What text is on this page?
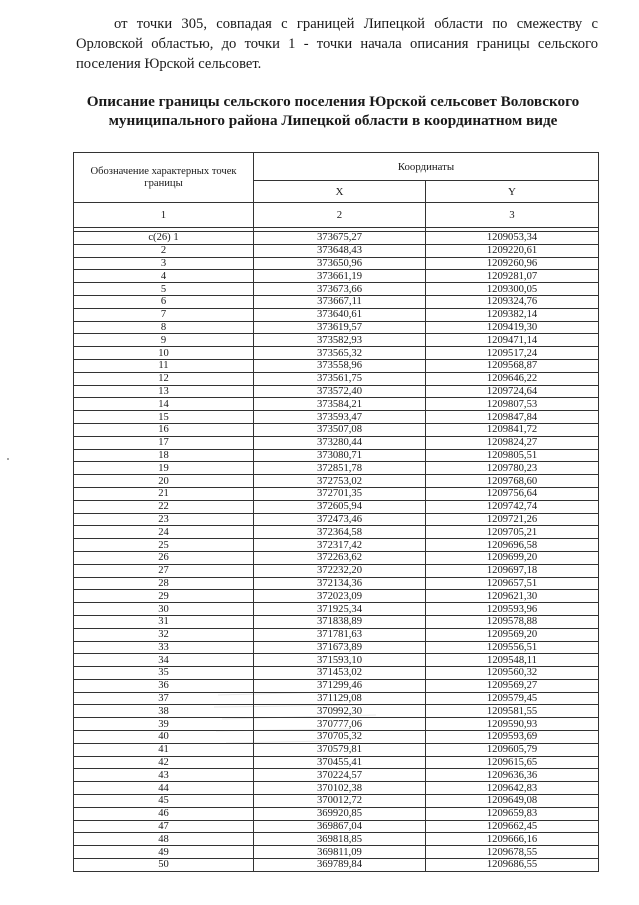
от точки 305, совпадая с границей Липецкой области по смежеству с Орловской областью, до точки 1 - точки начала описания границы сельского поселения Юрской сельсовет.
Описание границы сельского поселения Юрской сельсовет Воловского
муниципального района Липецкой области в координатном виде
Обозначение характерных точек границы	Координаты	
	X	Y
1	2	3

с(26) 1	373675,27	1209053,34
2	373648,43	1209220,61
3	373650,96	1209260,96
4	373661,19	1209281,07
5	373673,66	1209300,05
6	373667,11	1209324,76
7	373640,61	1209382,14
8	373619,57	1209419,30
9	373582,93	1209471,14
10	373565,32	1209517,24
11	373558,96	1209568,87
12	373561,75	1209646,22
13	373572,40	1209724,64
14	373584,21	1209807,53
15	373593,47	1209847,84
16	373507,08	1209841,72
17	373280,44	1209824,27
18	373080,71	1209805,51
19	372851,78	1209780,23
20	372753,02	1209768,60
21	372701,35	1209756,64
22	372605,94	1209742,74
23	372473,46	1209721,26
24	372364,58	1209705,21
25	372317,42	1209696,58
26	372263,62	1209699,20
27	372232,20	1209697,18
28	372134,36	1209657,51
29	372023,09	1209621,30
30	371925,34	1209593,96
31	371838,89	1209578,88
32	371781,63	1209569,20
33	371673,89	1209556,51
34	371593,10	1209548,11
35	371453,02	1209560,32
36	371299,46	1209569,27
37	371129,08	1209579,45
38	370992,30	1209581,55
39	370777,06	1209590,93
40	370705,32	1209593,69
41	370579,81	1209605,79
42	370455,41	1209615,65
43	370224,57	1209636,36
44	370102,38	1209642,83
45	370012,72	1209649,08
46	369920,85	1209659,83
47	369867,04	1209662,45
48	369818,85	1209666,16
49	369811,09	1209678,55
50	369789,84	1209686,55
